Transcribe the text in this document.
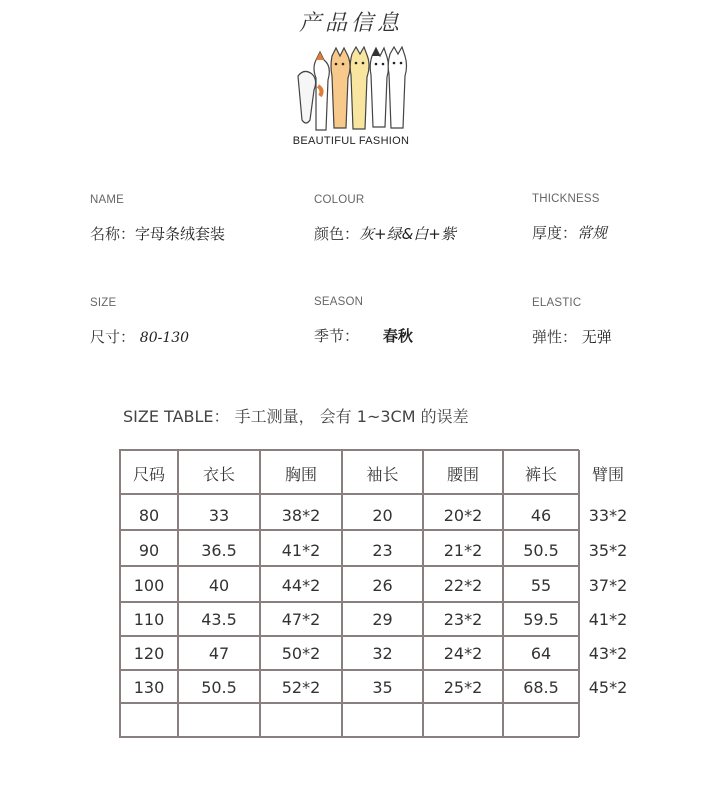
产品信息
BEAUTIFUL FASHION
NAME
名称：字母条绒套装
COLOUR
颜色：灰+绿&白+紫
THICKNESS
厚度：常规
SIZE
尺寸： 80-130
SEASON
季节： 春秋
ELASTIC
弹性： 无弹
SIZE TABLE： 手工测量， 会有 1~3CM 的误差
尺码	衣长	胸围	袖长	腰围	裤长	臂围
80	33	38*2	20	20*2	46	33*2
90	36.5	41*2	23	21*2	50.5	35*2
100	40	44*2	26	22*2	55	37*2
110	43.5	47*2	29	23*2	59.5	41*2
120	47	50*2	32	24*2	64	43*2
130	50.5	52*2	35	25*2	68.5	45*2
